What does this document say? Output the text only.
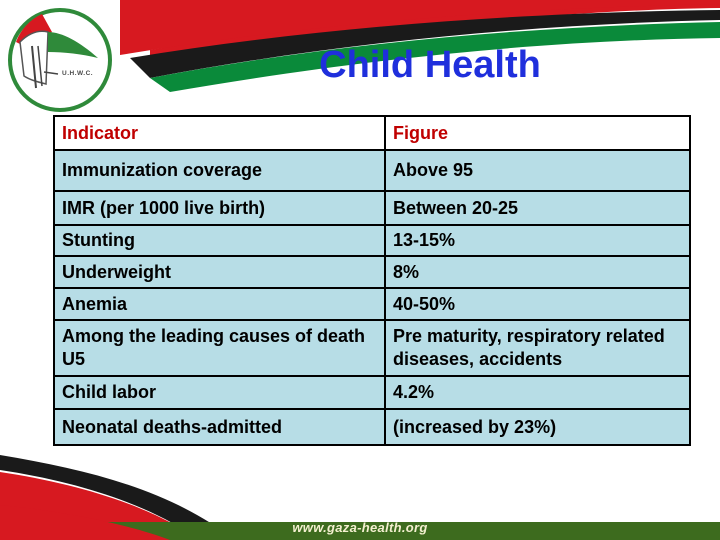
U.H.W.C.	Child Health
Indicator	Figure
Immunization coverage	Above 95
IMR (per 1000 live birth)	Between 20-25
Stunting	13-15%
Underweight	8%
Anemia	40-50%
Among the leading causes of death U5	Pre maturity, respiratory related diseases, accidents
Child labor	4.2%
Neonatal deaths-admitted	(increased by 23%)
www.gaza-health.org
